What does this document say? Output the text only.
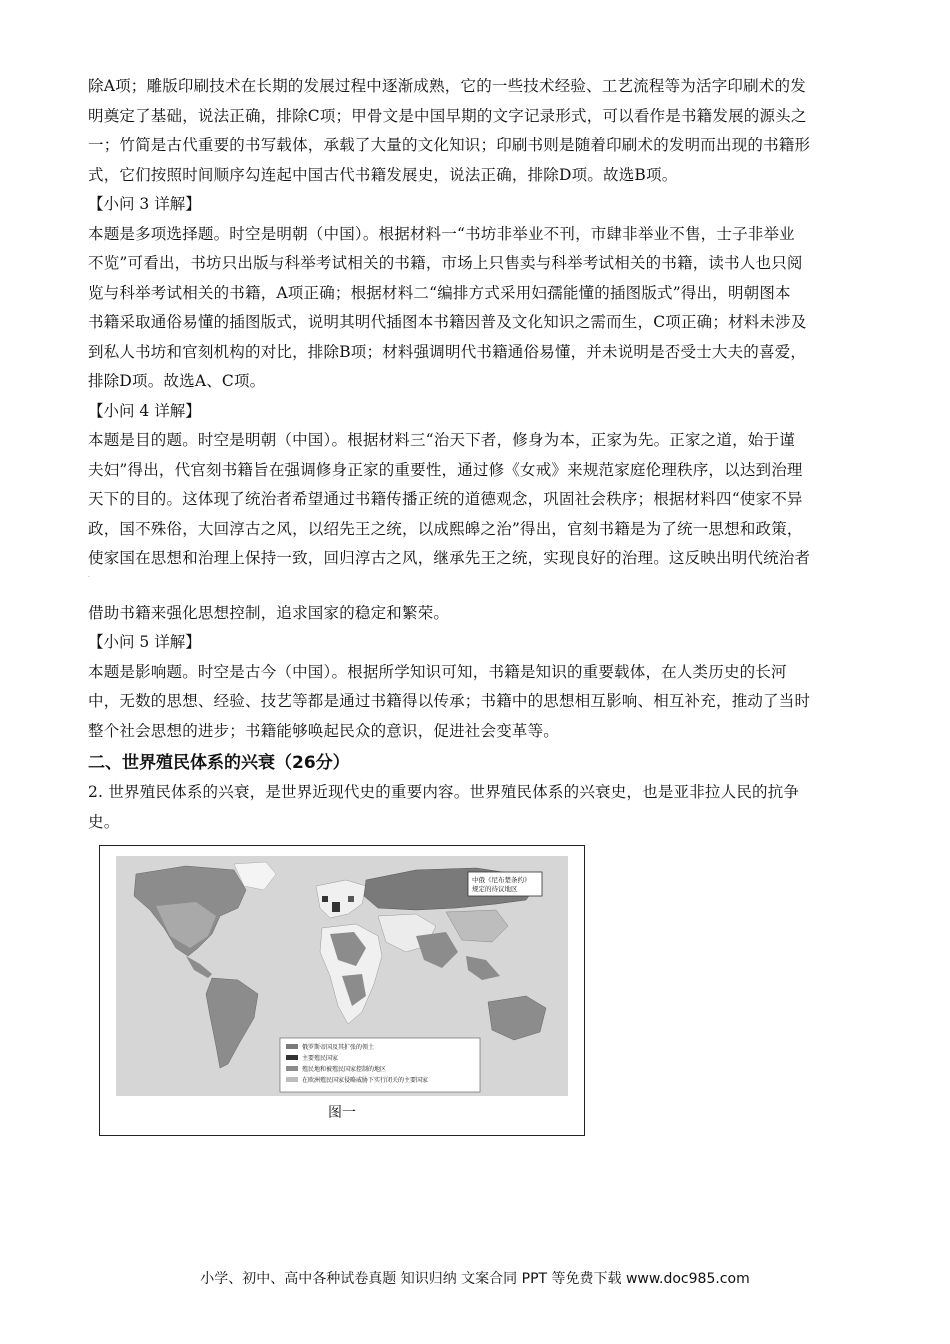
除A项；雕版印刷技术在长期的发展过程中逐渐成熟，它的一些技术经验、工艺流程等为活字印刷术的发
明奠定了基础，说法正确，排除C项；甲骨文是中国早期的文字记录形式，可以看作是书籍发展的源头之
一；竹简是古代重要的书写载体，承载了大量的文化知识；印刷书则是随着印刷术的发明而出现的书籍形
式，它们按照时间顺序勾连起中国古代书籍发展史，说法正确，排除D项。故选B项。
【小问 3 详解】
本题是多项选择题。时空是明朝（中国）。根据材料一“书坊非举业不刊，市肆非举业不售，士子非举业
不览”可看出，书坊只出版与科举考试相关的书籍，市场上只售卖与科举考试相关的书籍，读书人也只阅
览与科举考试相关的书籍，A项正确；根据材料二“编排方式采用妇孺能懂的插图版式”得出，明朝图本
书籍采取通俗易懂的插图版式，说明其明代插图本书籍因普及文化知识之需而生，C项正确；材料未涉及
到私人书坊和官刻机构的对比，排除B项；材料强调明代书籍通俗易懂，并未说明是否受士大夫的喜爱，
排除D项。故选A、C项。
【小问 4 详解】
本题是目的题。时空是明朝（中国）。根据材料三“治天下者，修身为本，正家为先。正家之道，始于谨
夫妇”得出，代官刻书籍旨在强调修身正家的重要性，通过修《女戒》来规范家庭伦理秩序，以达到治理
天下的目的。这体现了统治者希望通过书籍传播正统的道德观念，巩固社会秩序；根据材料四“使家不异
政，国不殊俗，大回淳古之风，以绍先王之统，以成熙皞之治”得出，官刻书籍是为了统一思想和政策，
使家国在思想和治理上保持一致，回归淳古之风，继承先王之统，实现良好的治理。这反映出明代统治者
借助书籍来强化思想控制，追求国家的稳定和繁荣。
【小问 5 详解】
本题是影响题。时空是古今（中国）。根据所学知识可知，书籍是知识的重要载体，在人类历史的长河
中，无数的思想、经验、技艺等都是通过书籍得以传承；书籍中的思想相互影响、相互补充，推动了当时
整个社会思想的进步；书籍能够唤起民众的意识，促进社会变革等。
二、世界殖民体系的兴衰（26分）
2. 世界殖民体系的兴衰，是世界近现代史的重要内容。世界殖民体系的兴衰史，也是亚非拉人民的抗争
史。
·
中俄《尼布楚条约》
规定的待议地区
俄罗斯帝国及其扩张的领土
主要殖民国家
殖民地和被殖民国家控制的地区
在欧洲殖民国家侵略威胁下实行闭关的主要国家
图一
小学、初中、高中各种试卷真题 知识归纳 文案合同 PPT 等免费下载 www.doc985.com
